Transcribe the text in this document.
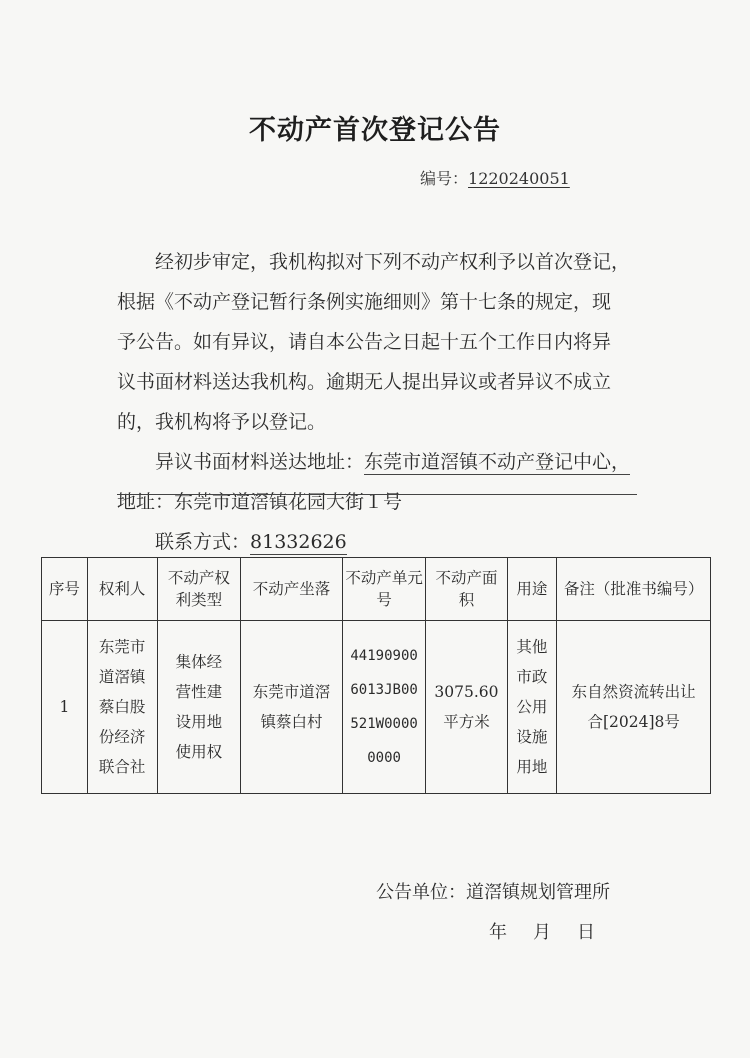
不动产首次登记公告
编号：1220240051
经初步审定，我机构拟对下列不动产权利予以首次登记，
根据《不动产登记暂行条例实施细则》第十七条的规定，现
予公告。如有异议，请自本公告之日起十五个工作日内将异
议书面材料送达我机构。逾期无人提出异议或者异议不成立
的，我机构将予以登记。
异议书面材料送达地址：东莞市道滘镇不动产登记中心，
地址：东莞市道滘镇花园大街１号
联系方式：81332626
序号	权利人	不动产权利类型	不动产坐落	不动产单元号	不动产面积	用途	备注（批准书编号）
1	东莞市道滘镇蔡白股份经济联合社	集体经营性建设用地使用权	东莞市道滘镇蔡白村	441909006013JB00521W00000000	3075.60平方米	其他市政公用设施用地	东自然资流转出让合[2024]8号
公告单位：道滘镇规划管理所
年 月 日
